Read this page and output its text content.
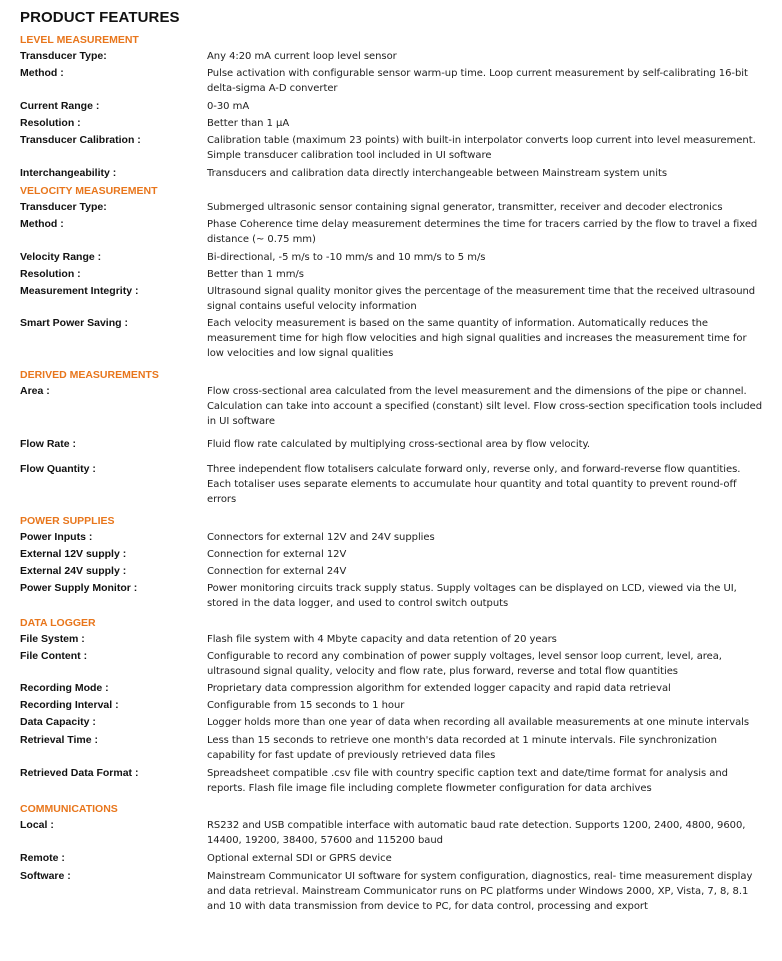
PRODUCT FEATURES
LEVEL MEASUREMENT
Transducer Type:	Any 4:20 mA current loop level sensor
Method :	Pulse activation with configurable sensor warm-up time. Loop current measurement by self-calibrating 16-bit delta-sigma A-D converter
Current Range :	0-30 mA
Resolution :	Better than 1 µA
Transducer Calibration :	Calibration table (maximum 23 points) with built-in interpolator converts loop current into level measurement. Simple transducer calibration tool included in UI software
Interchangeability :	Transducers and calibration data directly interchangeable between Mainstream system units
VELOCITY MEASUREMENT
Transducer Type:	Submerged ultrasonic sensor containing signal generator, transmitter, receiver and decoder electronics
Method :	Phase Coherence time delay measurement determines the time for tracers carried by the flow to travel a fixed distance (~ 0.75 mm)
Velocity Range :	Bi-directional, -5 m/s to -10 mm/s and 10 mm/s to 5 m/s
Resolution :	Better than 1 mm/s
Measurement Integrity :	Ultrasound signal quality monitor gives the percentage of the measurement time that the received ultrasound signal contains useful velocity information
Smart Power Saving :	Each velocity measurement is based on the same quantity of information. Automatically reduces the measurement time for high flow velocities and high signal qualities and increases the measurement time for low velocities and low signal qualities
DERIVED MEASUREMENTS
Area :	Flow cross-sectional area calculated from the level measurement and the dimensions of the pipe or channel. Calculation can take into account a specified (constant) silt level. Flow cross-section specification tools included in UI software
Flow Rate :	Fluid flow rate calculated by multiplying cross-sectional area by flow velocity.
Flow Quantity :	Three independent flow totalisers calculate forward only, reverse only, and forward-reverse flow quantities. Each totaliser uses separate elements to accumulate hour quantity and total quantity to prevent round-off errors
POWER SUPPLIES
Power Inputs :	Connectors for external 12V and 24V supplies
External 12V supply :	Connection for external 12V
External 24V supply :	Connection for external 24V
Power Supply Monitor :	Power monitoring circuits track supply status. Supply voltages can be displayed on LCD, viewed via the UI, stored in the data logger, and used to control switch outputs
DATA LOGGER
File System :	Flash file system with 4 Mbyte capacity and data retention of 20 years
File Content :	Configurable to record any combination of power supply voltages, level sensor loop current, level, area, ultrasound signal quality, velocity and flow rate, plus forward, reverse and total flow quantities
Recording Mode :	Proprietary data compression algorithm for extended logger capacity and rapid data retrieval
Recording Interval :	Configurable from 15 seconds to 1 hour
Data Capacity :	Logger holds more than one year of data when recording all available measurements at one minute intervals
Retrieval Time :	Less than 15 seconds to retrieve one month's data recorded at 1 minute intervals. File synchronization capability for fast update of previously retrieved data files
Retrieved Data Format :	Spreadsheet compatible .csv file with country specific caption text and date/time format for analysis and reports. Flash file image file including complete flowmeter configuration for data archives
COMMUNICATIONS
Local :	RS232 and USB compatible interface with automatic baud rate detection. Supports 1200, 2400, 4800, 9600, 14400, 19200, 38400, 57600 and 115200 baud
Remote :	Optional external SDI or GPRS device
Software :	Mainstream Communicator UI software for system configuration, diagnostics, real- time measurement display and data retrieval. Mainstream Communicator runs on PC platforms under Windows 2000, XP, Vista, 7, 8, 8.1 and 10 with data transmission from device to PC, for data control, processing and export
